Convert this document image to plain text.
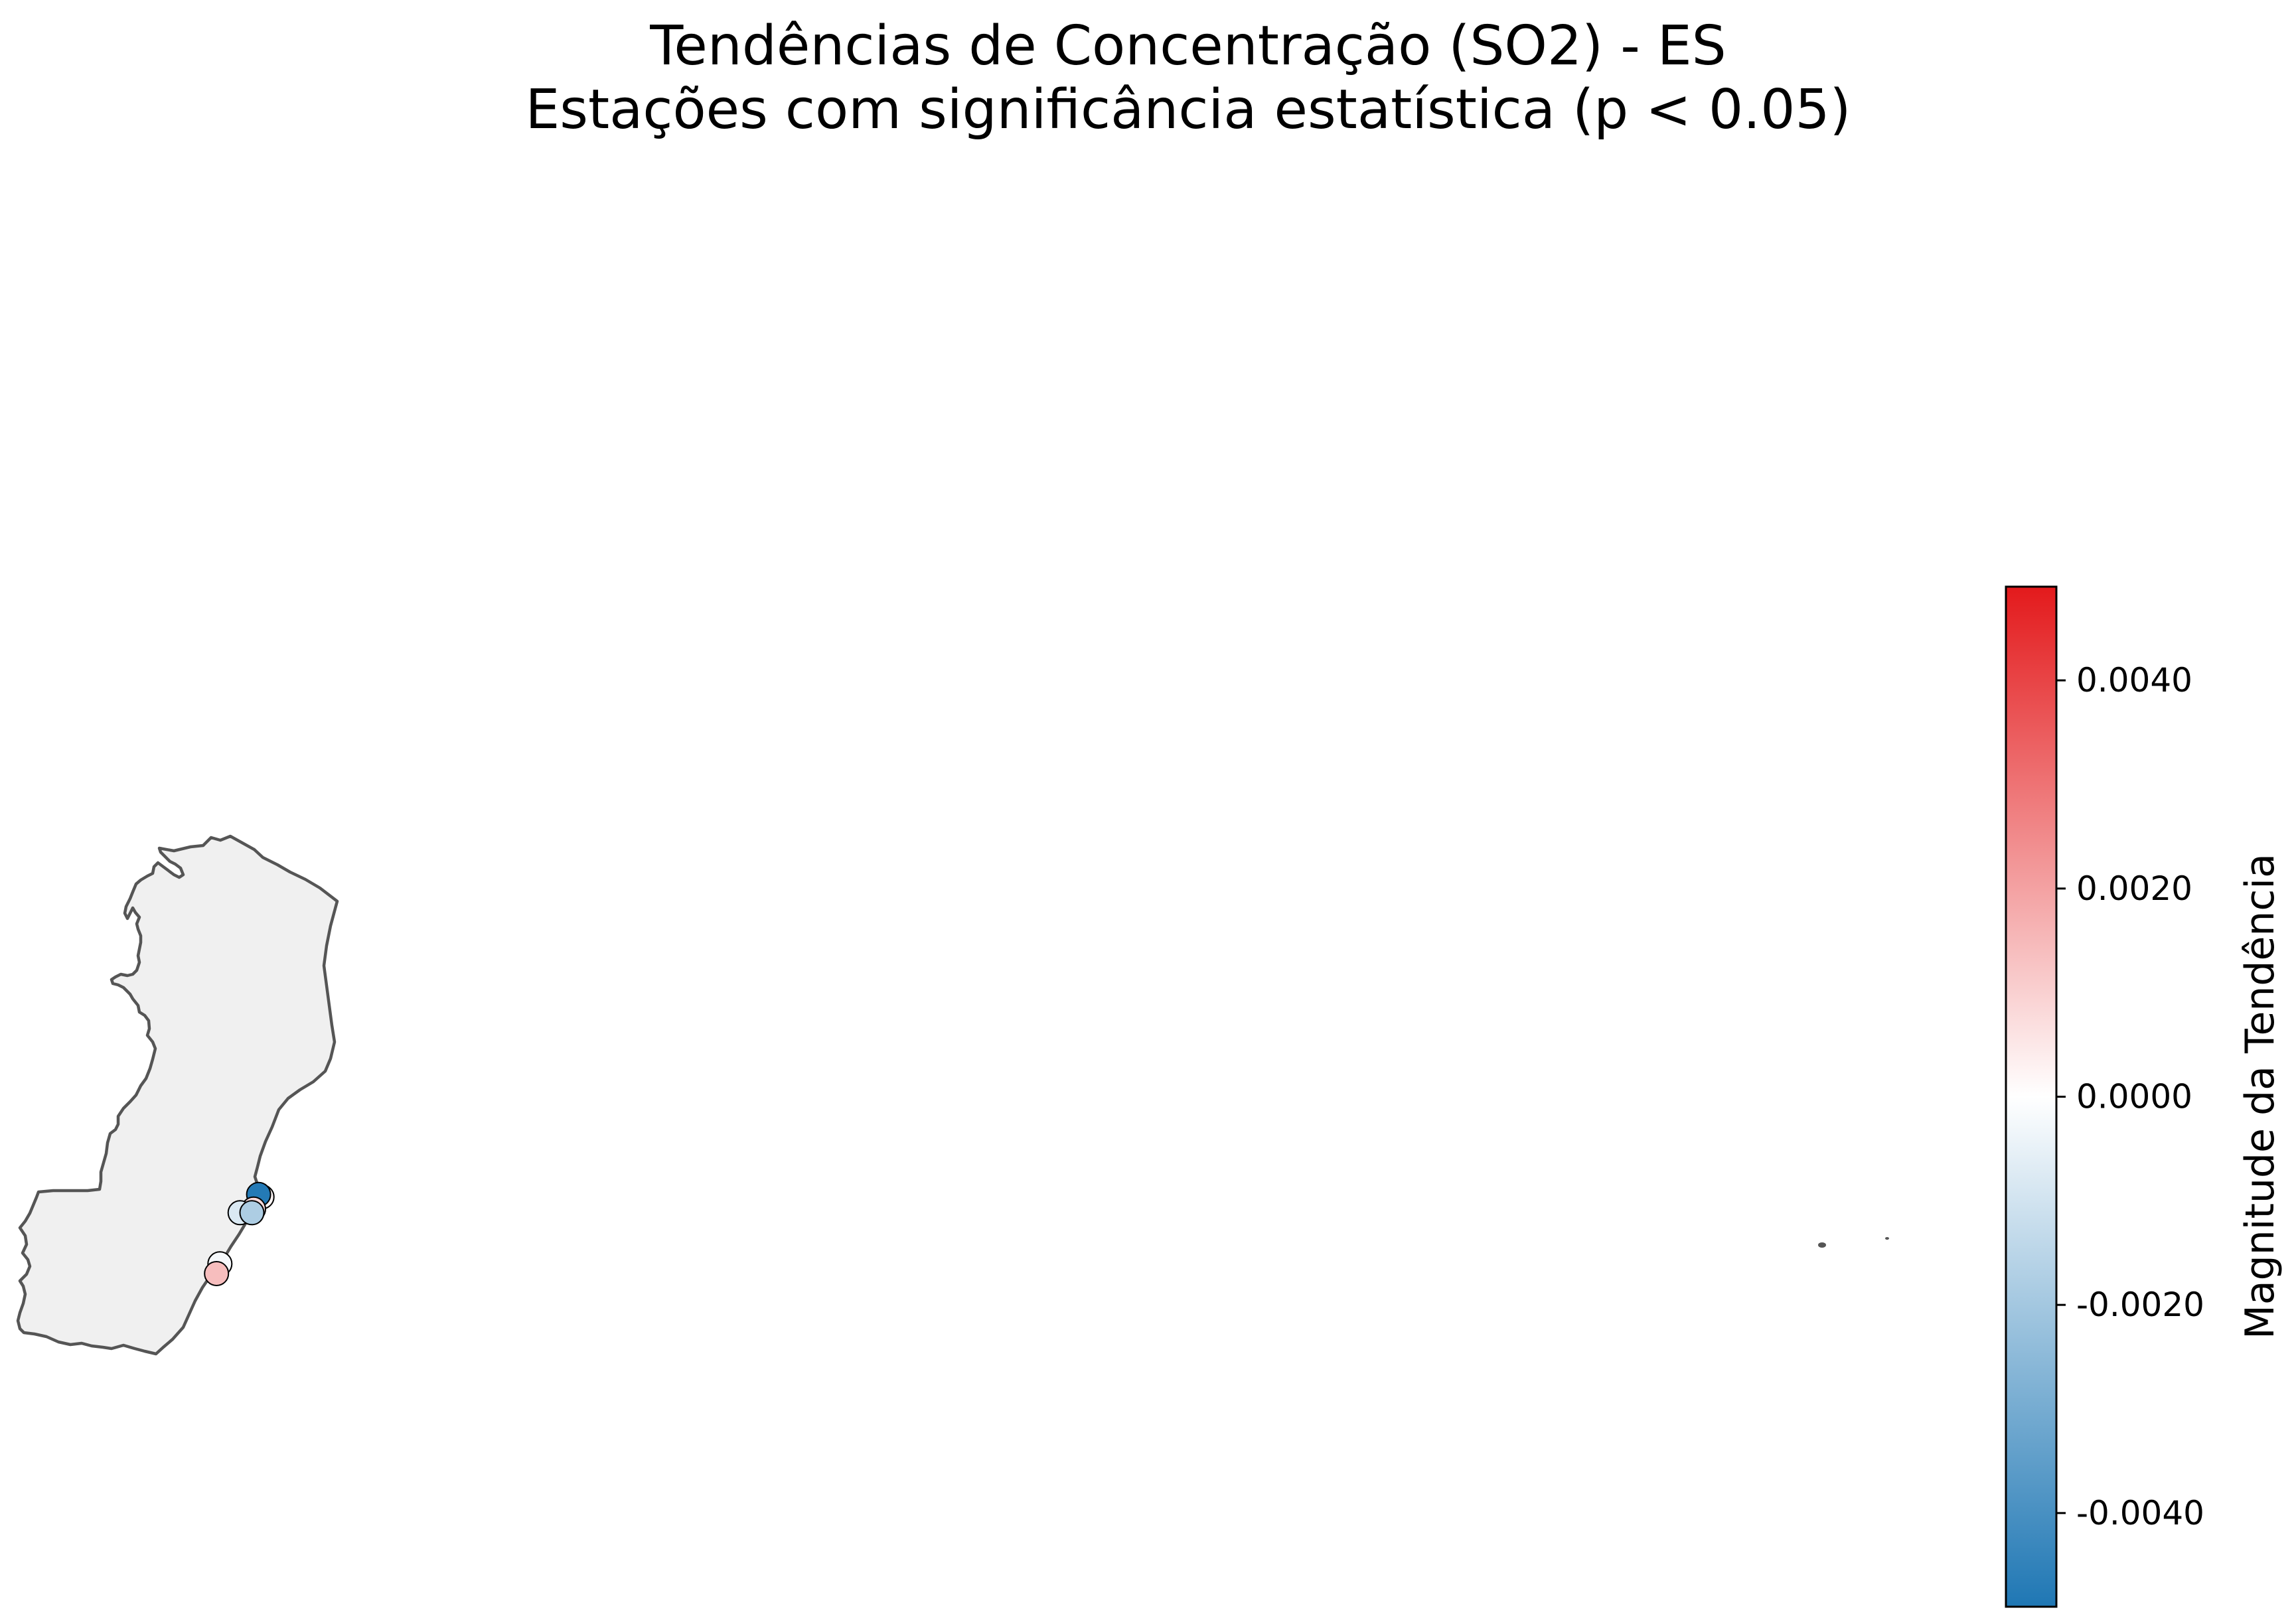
Tendências de Concentração (SO2) - ES
Estações com significância estatística (p < 0.05)
0.0040
0.0020
0.0000
-0.0020
-0.0040
Magnitude da Tendência
